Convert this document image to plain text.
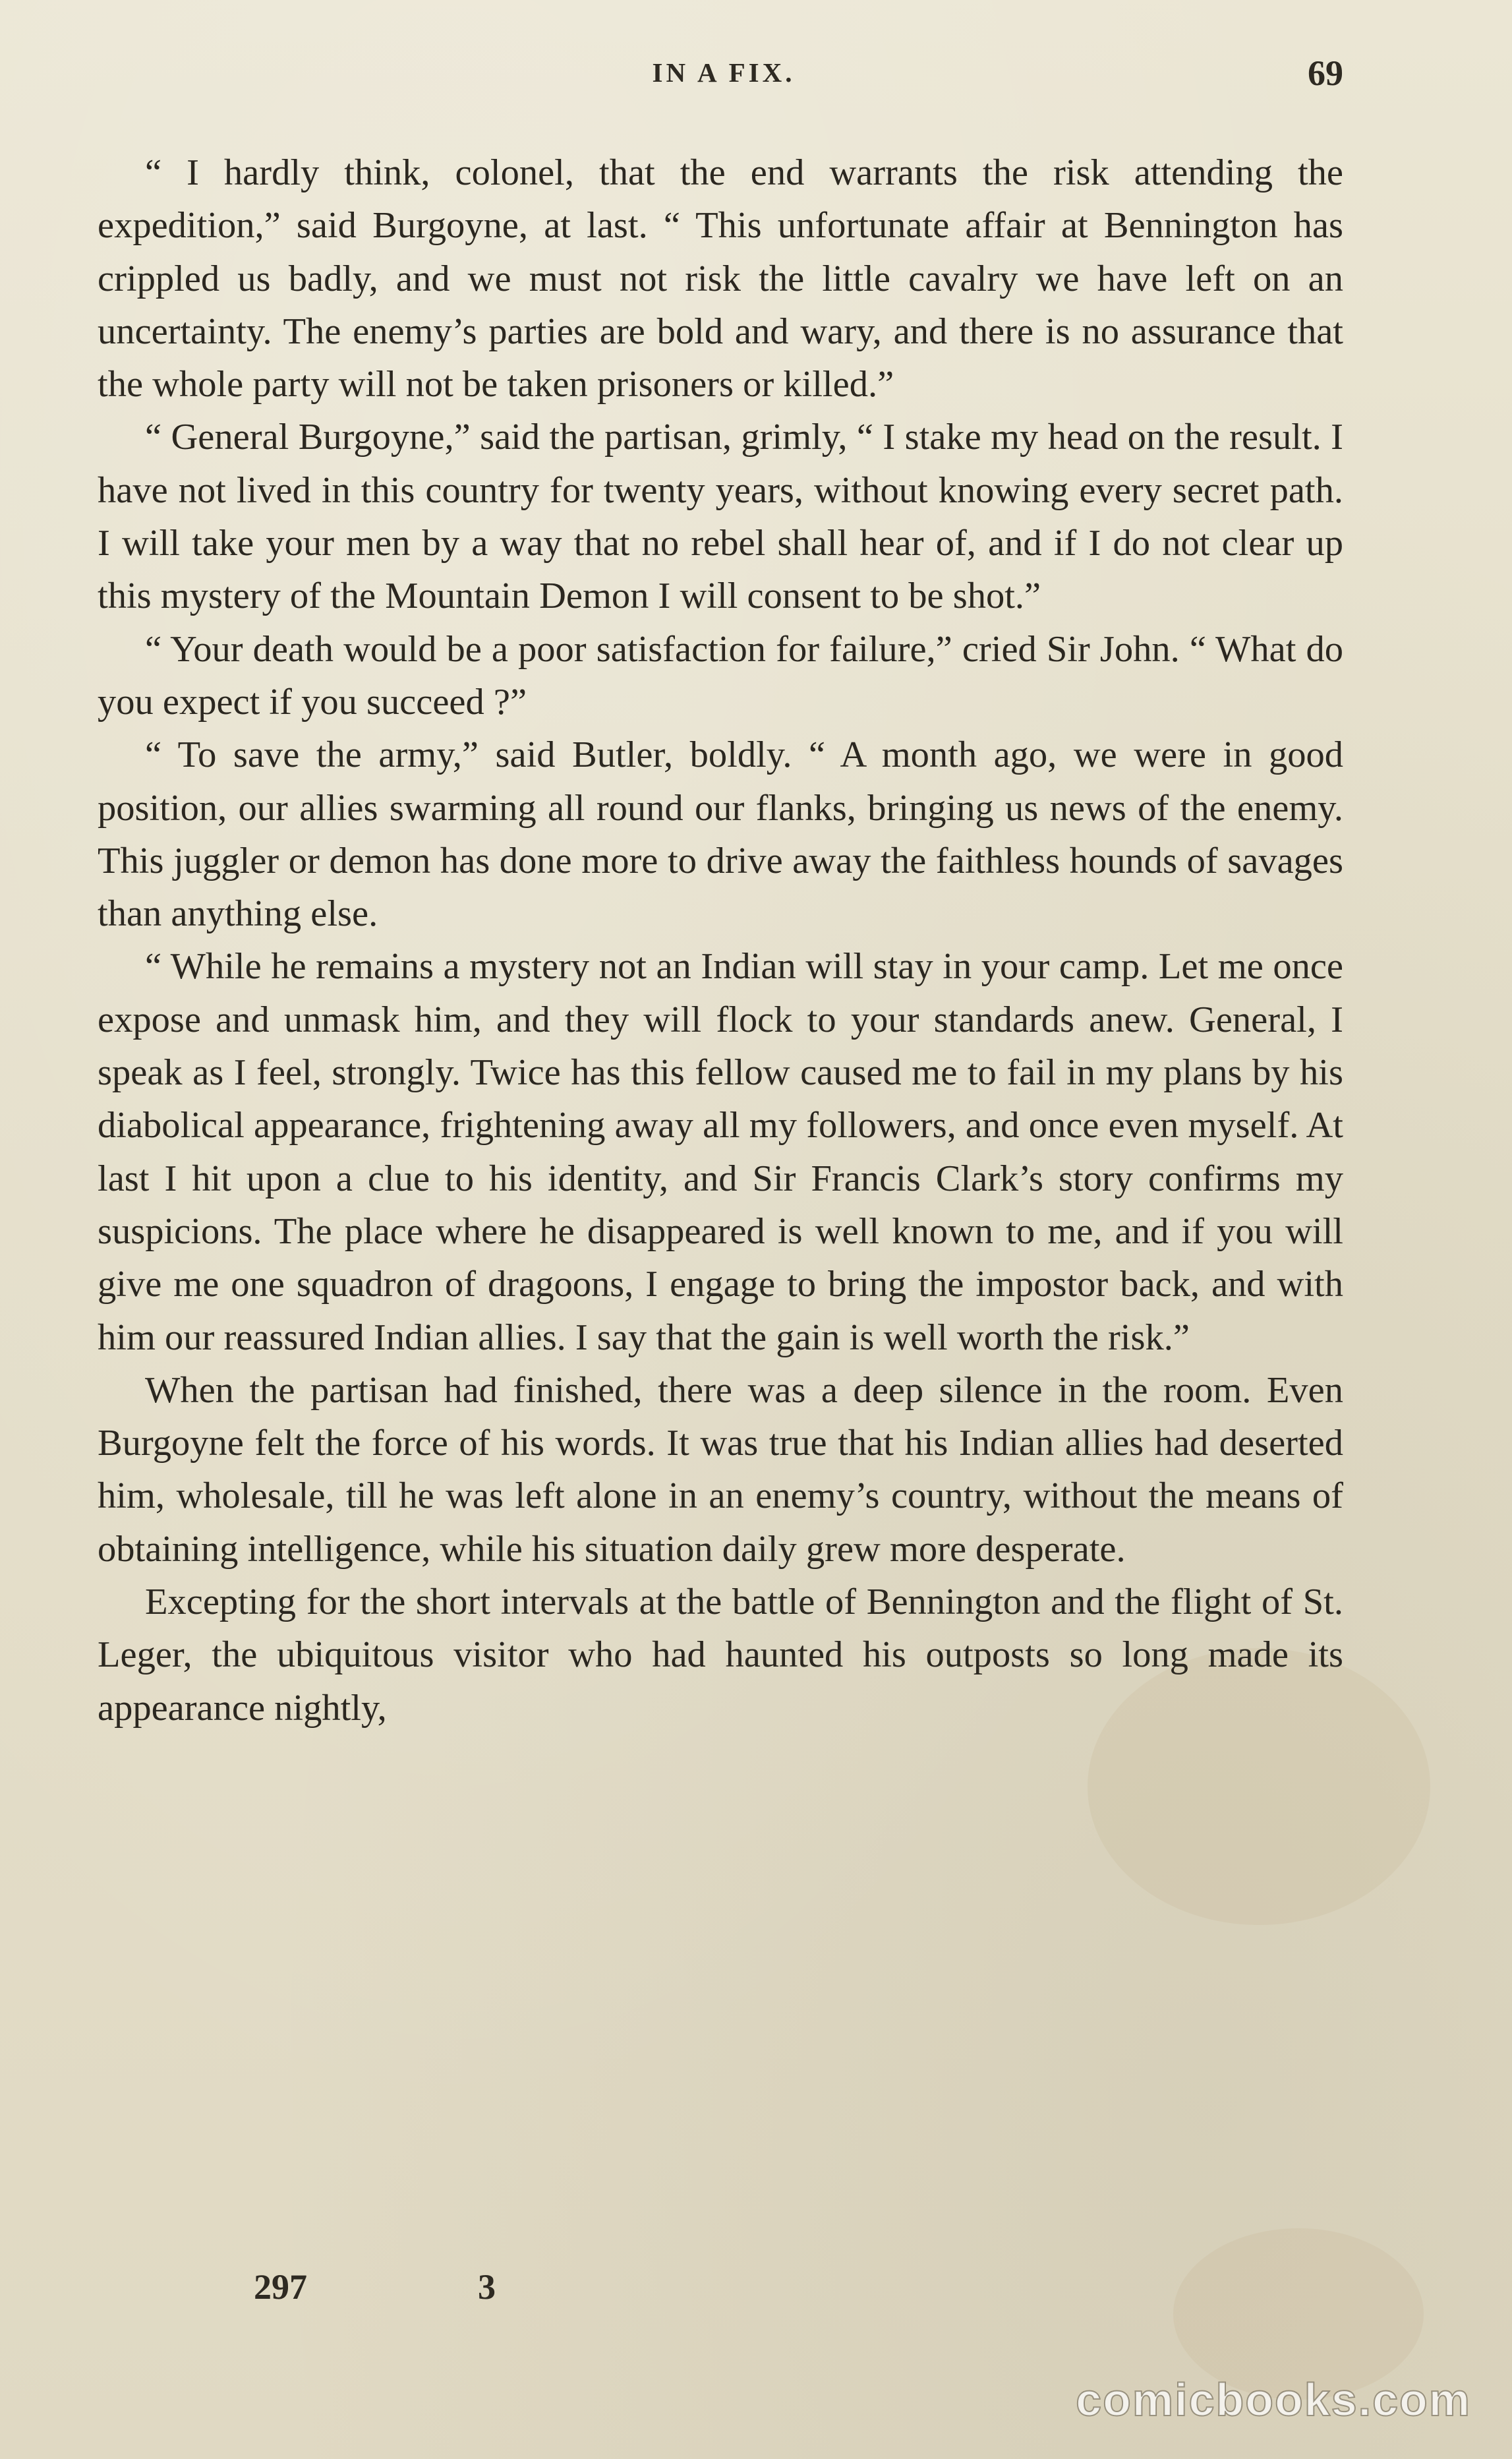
IN A FIX.	69

“ I hardly think, colonel, that the end warrants the risk attending the expedition,” said Burgoyne, at last. “ This unfortunate affair at Bennington has crippled us badly, and we must not risk the little cavalry we have left on an uncertainty. The enemy’s parties are bold and wary, and there is no assurance that the whole party will not be taken prisoners or killed.”

“ General Burgoyne,” said the partisan, grimly, “ I stake my head on the result. I have not lived in this country for twenty years, without knowing every secret path. I will take your men by a way that no rebel shall hear of, and if I do not clear up this mystery of the Mountain Demon I will consent to be shot.”

“ Your death would be a poor satisfaction for failure,” cried Sir John. “ What do you expect if you succeed ?”

“ To save the army,” said Butler, boldly. “ A month ago, we were in good position, our allies swarming all round our flanks, bringing us news of the enemy. This juggler or demon has done more to drive away the faithless hounds of savages than anything else.

“ While he remains a mystery not an Indian will stay in your camp. Let me once expose and unmask him, and they will flock to your standards anew. General, I speak as I feel, strongly. Twice has this fellow caused me to fail in my plans by his diabolical appearance, frightening away all my followers, and once even myself. At last I hit upon a clue to his identity, and Sir Francis Clark’s story confirms my suspicions. The place where he disappeared is well known to me, and if you will give me one squadron of dragoons, I engage to bring the impostor back, and with him our reassured Indian allies. I say that the gain is well worth the risk.”

When the partisan had finished, there was a deep silence in the room. Even Burgoyne felt the force of his words. It was true that his Indian allies had deserted him, wholesale, till he was left alone in an enemy’s country, without the means of obtaining intelligence, while his situation daily grew more desperate.

Excepting for the short intervals at the battle of Bennington and the flight of St. Leger, the ubiquitous visitor who had haunted his outposts so long made its appearance nightly,

297	3
comicbooks.com
